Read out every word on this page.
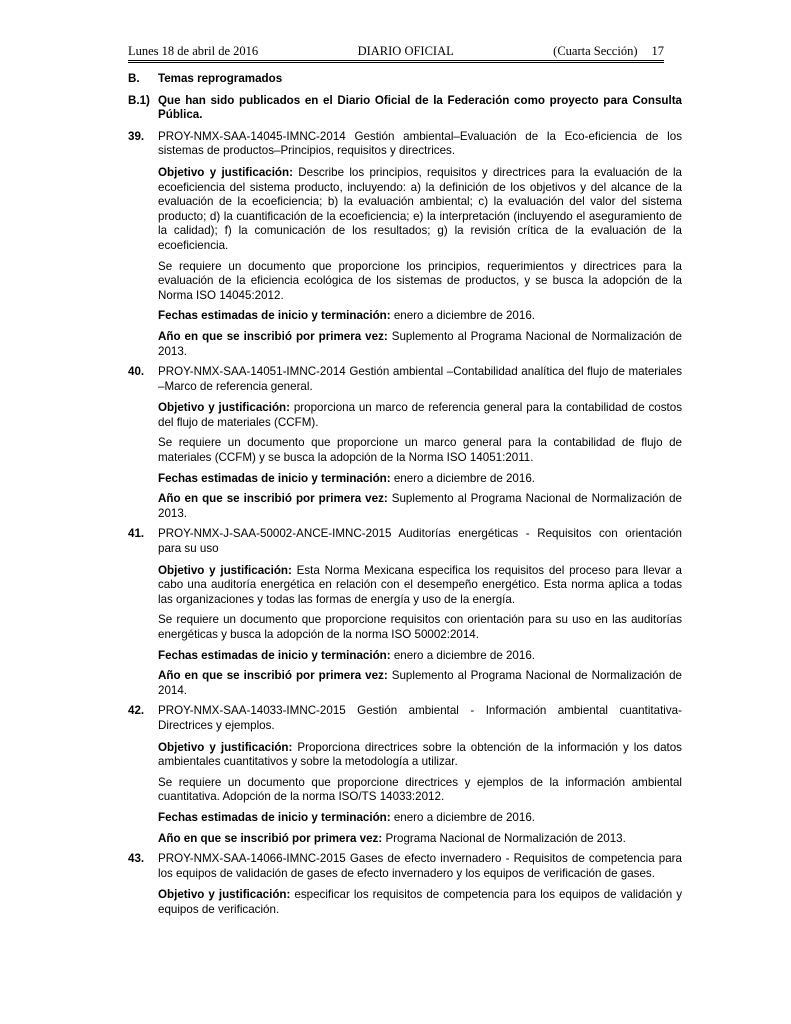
Lunes 18 de abril de 2016	DIARIO OFICIAL	(Cuarta Sección) 17
B.	Temas reprogramados
B.1) Que han sido publicados en el Diario Oficial de la Federación como proyecto para Consulta Pública.
39.	PROY-NMX-SAA-14045-IMNC-2014 Gestión ambiental–Evaluación de la Eco-eficiencia de los sistemas de productos–Principios, requisitos y directrices.

Objetivo y justificación: Describe los principios, requisitos y directrices para la evaluación de la ecoeficiencia del sistema producto, incluyendo: a) la definición de los objetivos y del alcance de la evaluación de la ecoeficiencia; b) la evaluación ambiental; c) la evaluación del valor del sistema producto; d) la cuantificación de la ecoeficiencia; e) la interpretación (incluyendo el aseguramiento de la calidad); f) la comunicación de los resultados; g) la revisión crítica de la evaluación de la ecoeficiencia.

Se requiere un documento que proporcione los principios, requerimientos y directrices para la evaluación de la eficiencia ecológica de los sistemas de productos, y se busca la adopción de la Norma ISO 14045:2012.

Fechas estimadas de inicio y terminación: enero a diciembre de 2016.

Año en que se inscribió por primera vez: Suplemento al Programa Nacional de Normalización de 2013.

40.	PROY-NMX-SAA-14051-IMNC-2014 Gestión ambiental –Contabilidad analítica del flujo de materiales –Marco de referencia general.

Objetivo y justificación: proporciona un marco de referencia general para la contabilidad de costos del flujo de materiales (CCFM).

Se requiere un documento que proporcione un marco general para la contabilidad de flujo de materiales (CCFM) y se busca la adopción de la Norma ISO 14051:2011.

Fechas estimadas de inicio y terminación: enero a diciembre de 2016.

Año en que se inscribió por primera vez: Suplemento al Programa Nacional de Normalización de 2013.

41.	PROY-NMX-J-SAA-50002-ANCE-IMNC-2015 Auditorías energéticas - Requisitos con orientación para su uso

Objetivo y justificación: Esta Norma Mexicana especifica los requisitos del proceso para llevar a cabo una auditoría energética en relación con el desempeño energético. Esta norma aplica a todas las organizaciones y todas las formas de energía y uso de la energía.

Se requiere un documento que proporcione requisitos con orientación para su uso en las auditorías energéticas y busca la adopción de la norma ISO 50002:2014.

Fechas estimadas de inicio y terminación: enero a diciembre de 2016.

Año en que se inscribió por primera vez: Suplemento al Programa Nacional de Normalización de 2014.

42.	PROY-NMX-SAA-14033-IMNC-2015 Gestión ambiental - Información ambiental cuantitativa-Directrices y ejemplos.

Objetivo y justificación: Proporciona directrices sobre la obtención de la información y los datos ambientales cuantitativos y sobre la metodología a utilizar.

Se requiere un documento que proporcione directrices y ejemplos de la información ambiental cuantitativa. Adopción de la norma ISO/TS 14033:2012.

Fechas estimadas de inicio y terminación: enero a diciembre de 2016.

Año en que se inscribió por primera vez: Programa Nacional de Normalización de 2013.

43.	PROY-NMX-SAA-14066-IMNC-2015 Gases de efecto invernadero - Requisitos de competencia para los equipos de validación de gases de efecto invernadero y los equipos de verificación de gases.

Objetivo y justificación: especificar los requisitos de competencia para los equipos de validación y equipos de verificación.
